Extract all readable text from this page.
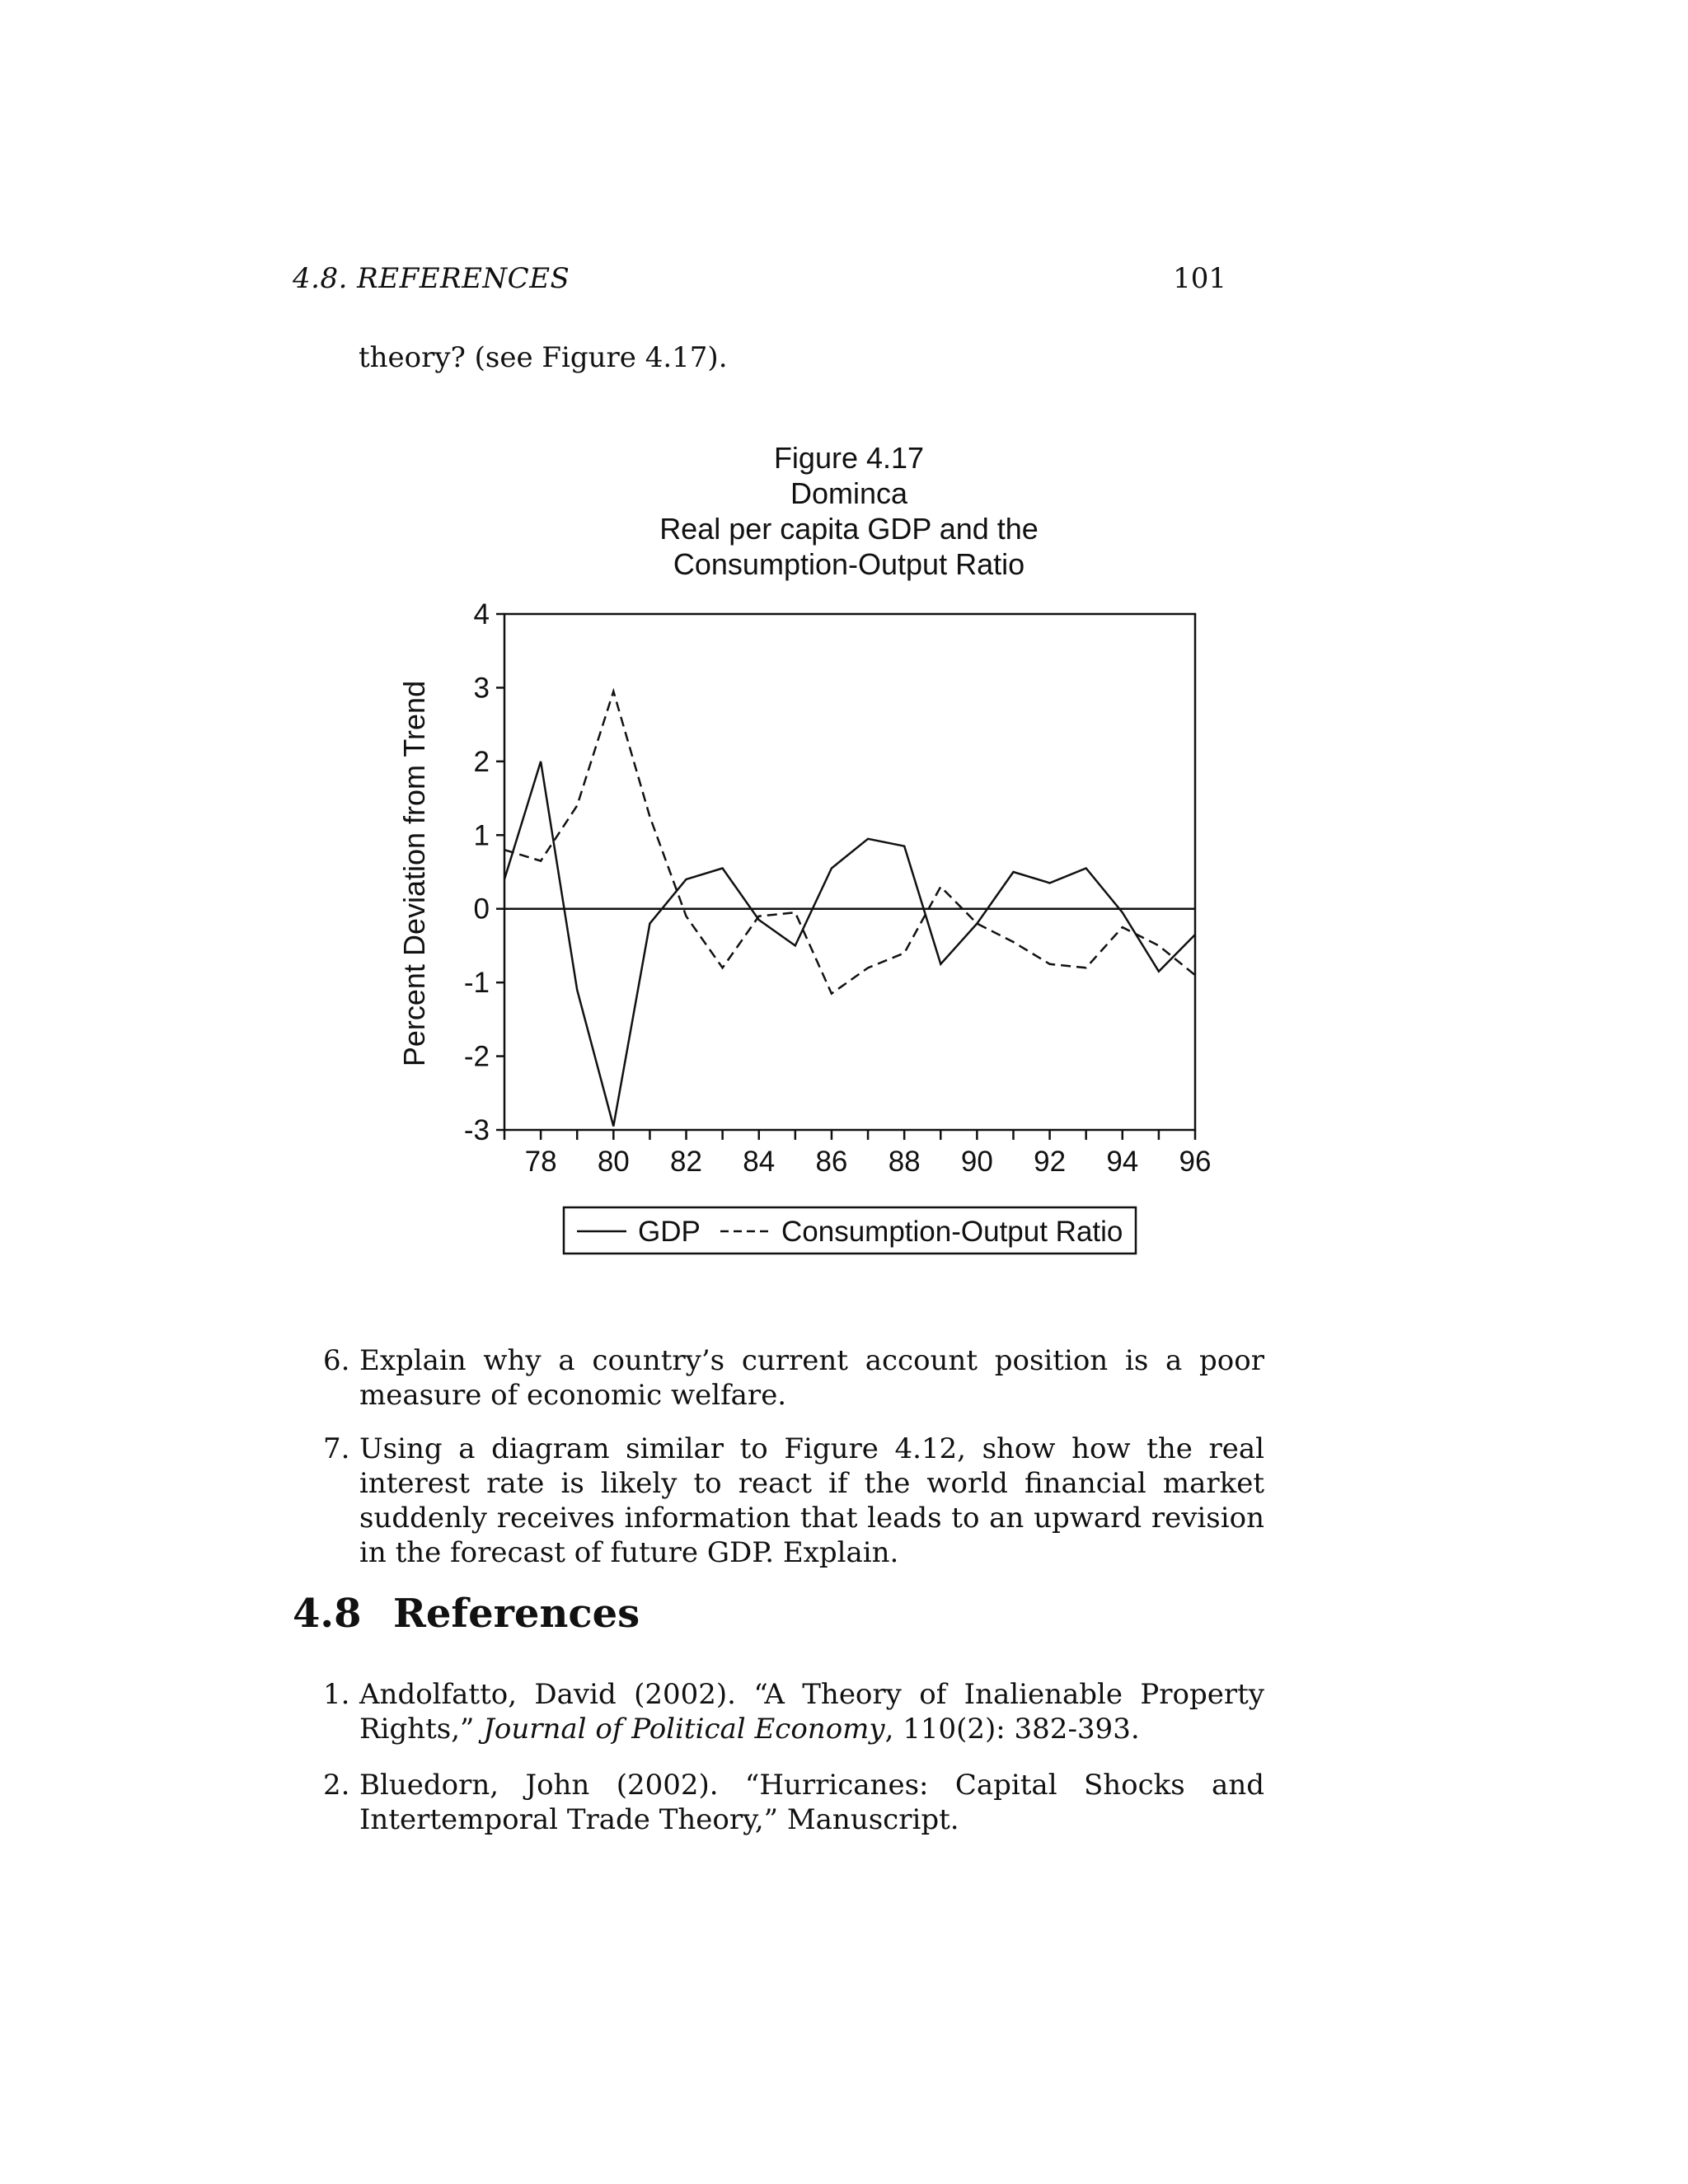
4.8. REFERENCES	101
theory? (see Figure 4.17).
Figure 4.17
Dominca
Real per capita GDP and the
Consumption-Output Ratio
Percent Deviation from Trend
4
3
2
1
0
-1
-2
-3
78 80 82 84 86 88 90 92 94 96
GDP	Consumption-Output Ratio
6. Explain why a country’s current account position is a poor measure of economic welfare.
7. Using a diagram similar to Figure 4.12, show how the real interest rate is likely to react if the world financial market suddenly receives information that leads to an upward revision in the forecast of future GDP. Explain.
4.8 References
1. Andolfatto, David (2002). “A Theory of Inalienable Property Rights,” Journal of Political Economy, 110(2): 382-393.
2. Bluedorn, John (2002). “Hurricanes: Capital Shocks and Intertemporal Trade Theory,” Manuscript.
